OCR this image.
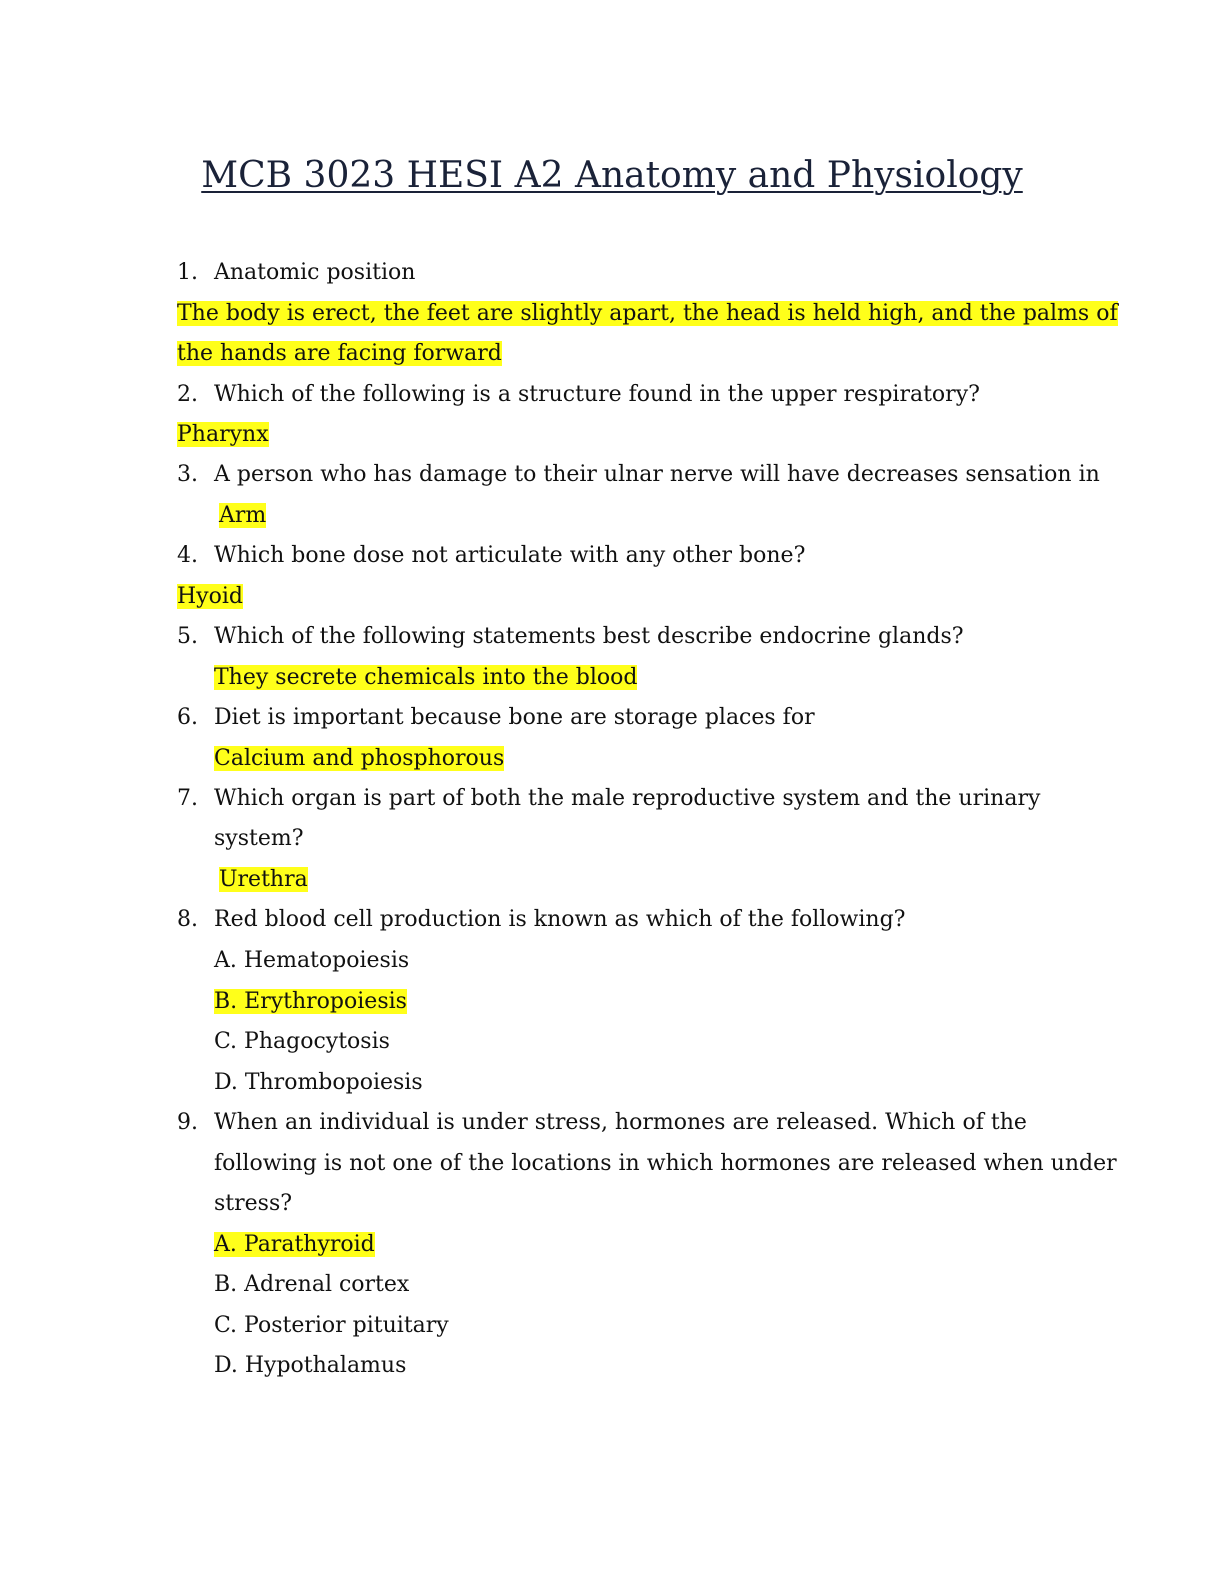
MCB 3023 HESI A2 Anatomy and Physiology
1. Anatomic position
The body is erect, the feet are slightly apart, the head is held high, and the palms of
the hands are facing forward
2. Which of the following is a structure found in the upper respiratory?
Pharynx
3. A person who has damage to their ulnar nerve will have decreases sensation in
Arm
4. Which bone dose not articulate with any other bone?
Hyoid
5. Which of the following statements best describe endocrine glands?
They secrete chemicals into the blood
6. Diet is important because bone are storage places for
Calcium and phosphorous
7. Which organ is part of both the male reproductive system and the urinary
system?
Urethra
8. Red blood cell production is known as which of the following?
A. Hematopoiesis
B. Erythropoiesis
C. Phagocytosis
D. Thrombopoiesis
9. When an individual is under stress, hormones are released. Which of the
following is not one of the locations in which hormones are released when under
stress?
A. Parathyroid
B. Adrenal cortex
C. Posterior pituitary
D. Hypothalamus
